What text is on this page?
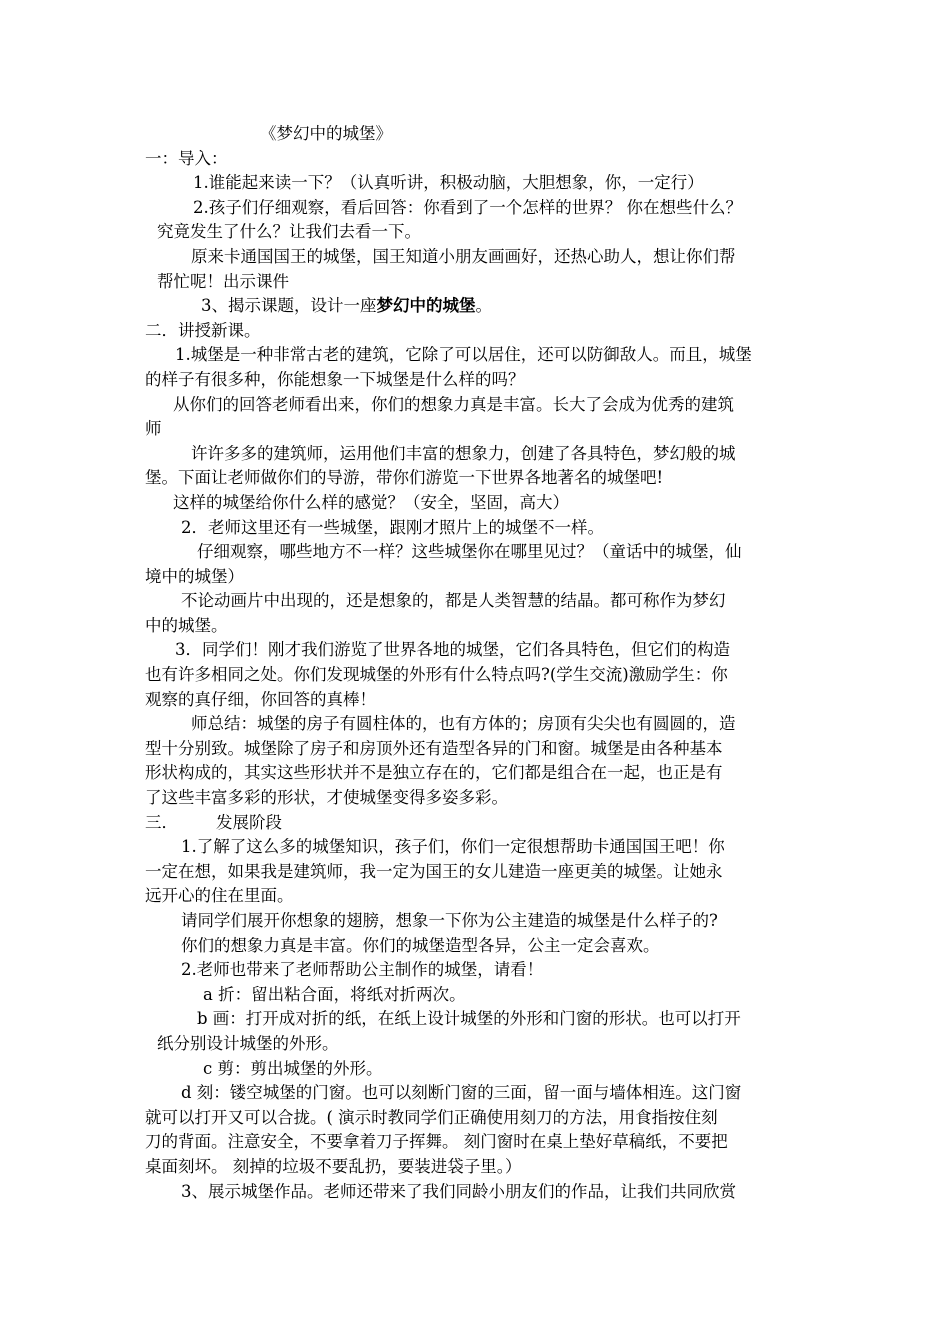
《梦幻中的城堡》
一：导入：
1.谁能起来读一下？（认真听讲，积极动脑，大胆想象，你，一定行）
2.孩子们仔细观察，看后回答：你看到了一个怎样的世界？ 你在想些什么？
究竟发生了什么？让我们去看一下。
原来卡通国国王的城堡，国王知道小朋友画画好，还热心助人，想让你们帮
帮忙呢！出示课件
3、揭示课题，设计一座梦幻中的城堡。
二．讲授新课。
1.城堡是一种非常古老的建筑，它除了可以居住，还可以防御敌人。而且，城堡
的样子有很多种，你能想象一下城堡是什么样的吗？
从你们的回答老师看出来，你们的想象力真是丰富。长大了会成为优秀的建筑
师
许许多多的建筑师，运用他们丰富的想象力，创建了各具特色，梦幻般的城
堡。下面让老师做你们的导游，带你们游览一下世界各地著名的城堡吧!
这样的城堡给你什么样的感觉？（安全，坚固，高大）
2．老师这里还有一些城堡，跟刚才照片上的城堡不一样。
仔细观察，哪些地方不一样？这些城堡你在哪里见过？（童话中的城堡，仙
境中的城堡）
不论动画片中出现的，还是想象的，都是人类智慧的结晶。都可称作为梦幻
中的城堡。
3．同学们！刚才我们游览了世界各地的城堡，它们各具特色，但它们的构造
也有许多相同之处。你们发现城堡的外形有什么特点吗?(学生交流)激励学生：你
观察的真仔细，你回答的真棒！
师总结：城堡的房子有圆柱体的，也有方体的；房顶有尖尖也有圆圆的，造
型十分别致。城堡除了房子和房顶外还有造型各异的门和窗。城堡是由各种基本
形状构成的，其实这些形状并不是独立存在的，它们都是组合在一起，也正是有
了这些丰富多彩的形状，才使城堡变得多姿多彩。
三． 发展阶段
1.了解了这么多的城堡知识，孩子们，你们一定很想帮助卡通国国王吧！你
一定在想，如果我是建筑师，我一定为国王的女儿建造一座更美的城堡。让她永
远开心的住在里面。
请同学们展开你想象的翅膀，想象一下你为公主建造的城堡是什么样子的?
你们的想象力真是丰富。你们的城堡造型各异，公主一定会喜欢。
2.老师也带来了老师帮助公主制作的城堡，请看！
a 折：留出粘合面，将纸对折两次。
b 画：打开成对折的纸，在纸上设计城堡的外形和门窗的形状。也可以打开
纸分别设计城堡的外形。
c 剪：剪出城堡的外形。
d 刻：镂空城堡的门窗。也可以刻断门窗的三面，留一面与墙体相连。这门窗
就可以打开又可以合拢。( 演示时教同学们正确使用刻刀的方法，用食指按住刻
刀的背面。注意安全，不要拿着刀子挥舞。 刻门窗时在桌上垫好草稿纸，不要把
桌面刻坏。 刻掉的垃圾不要乱扔，要装进袋子里。）
3、展示城堡作品。老师还带来了我们同龄小朋友们的作品，让我们共同欣赏
